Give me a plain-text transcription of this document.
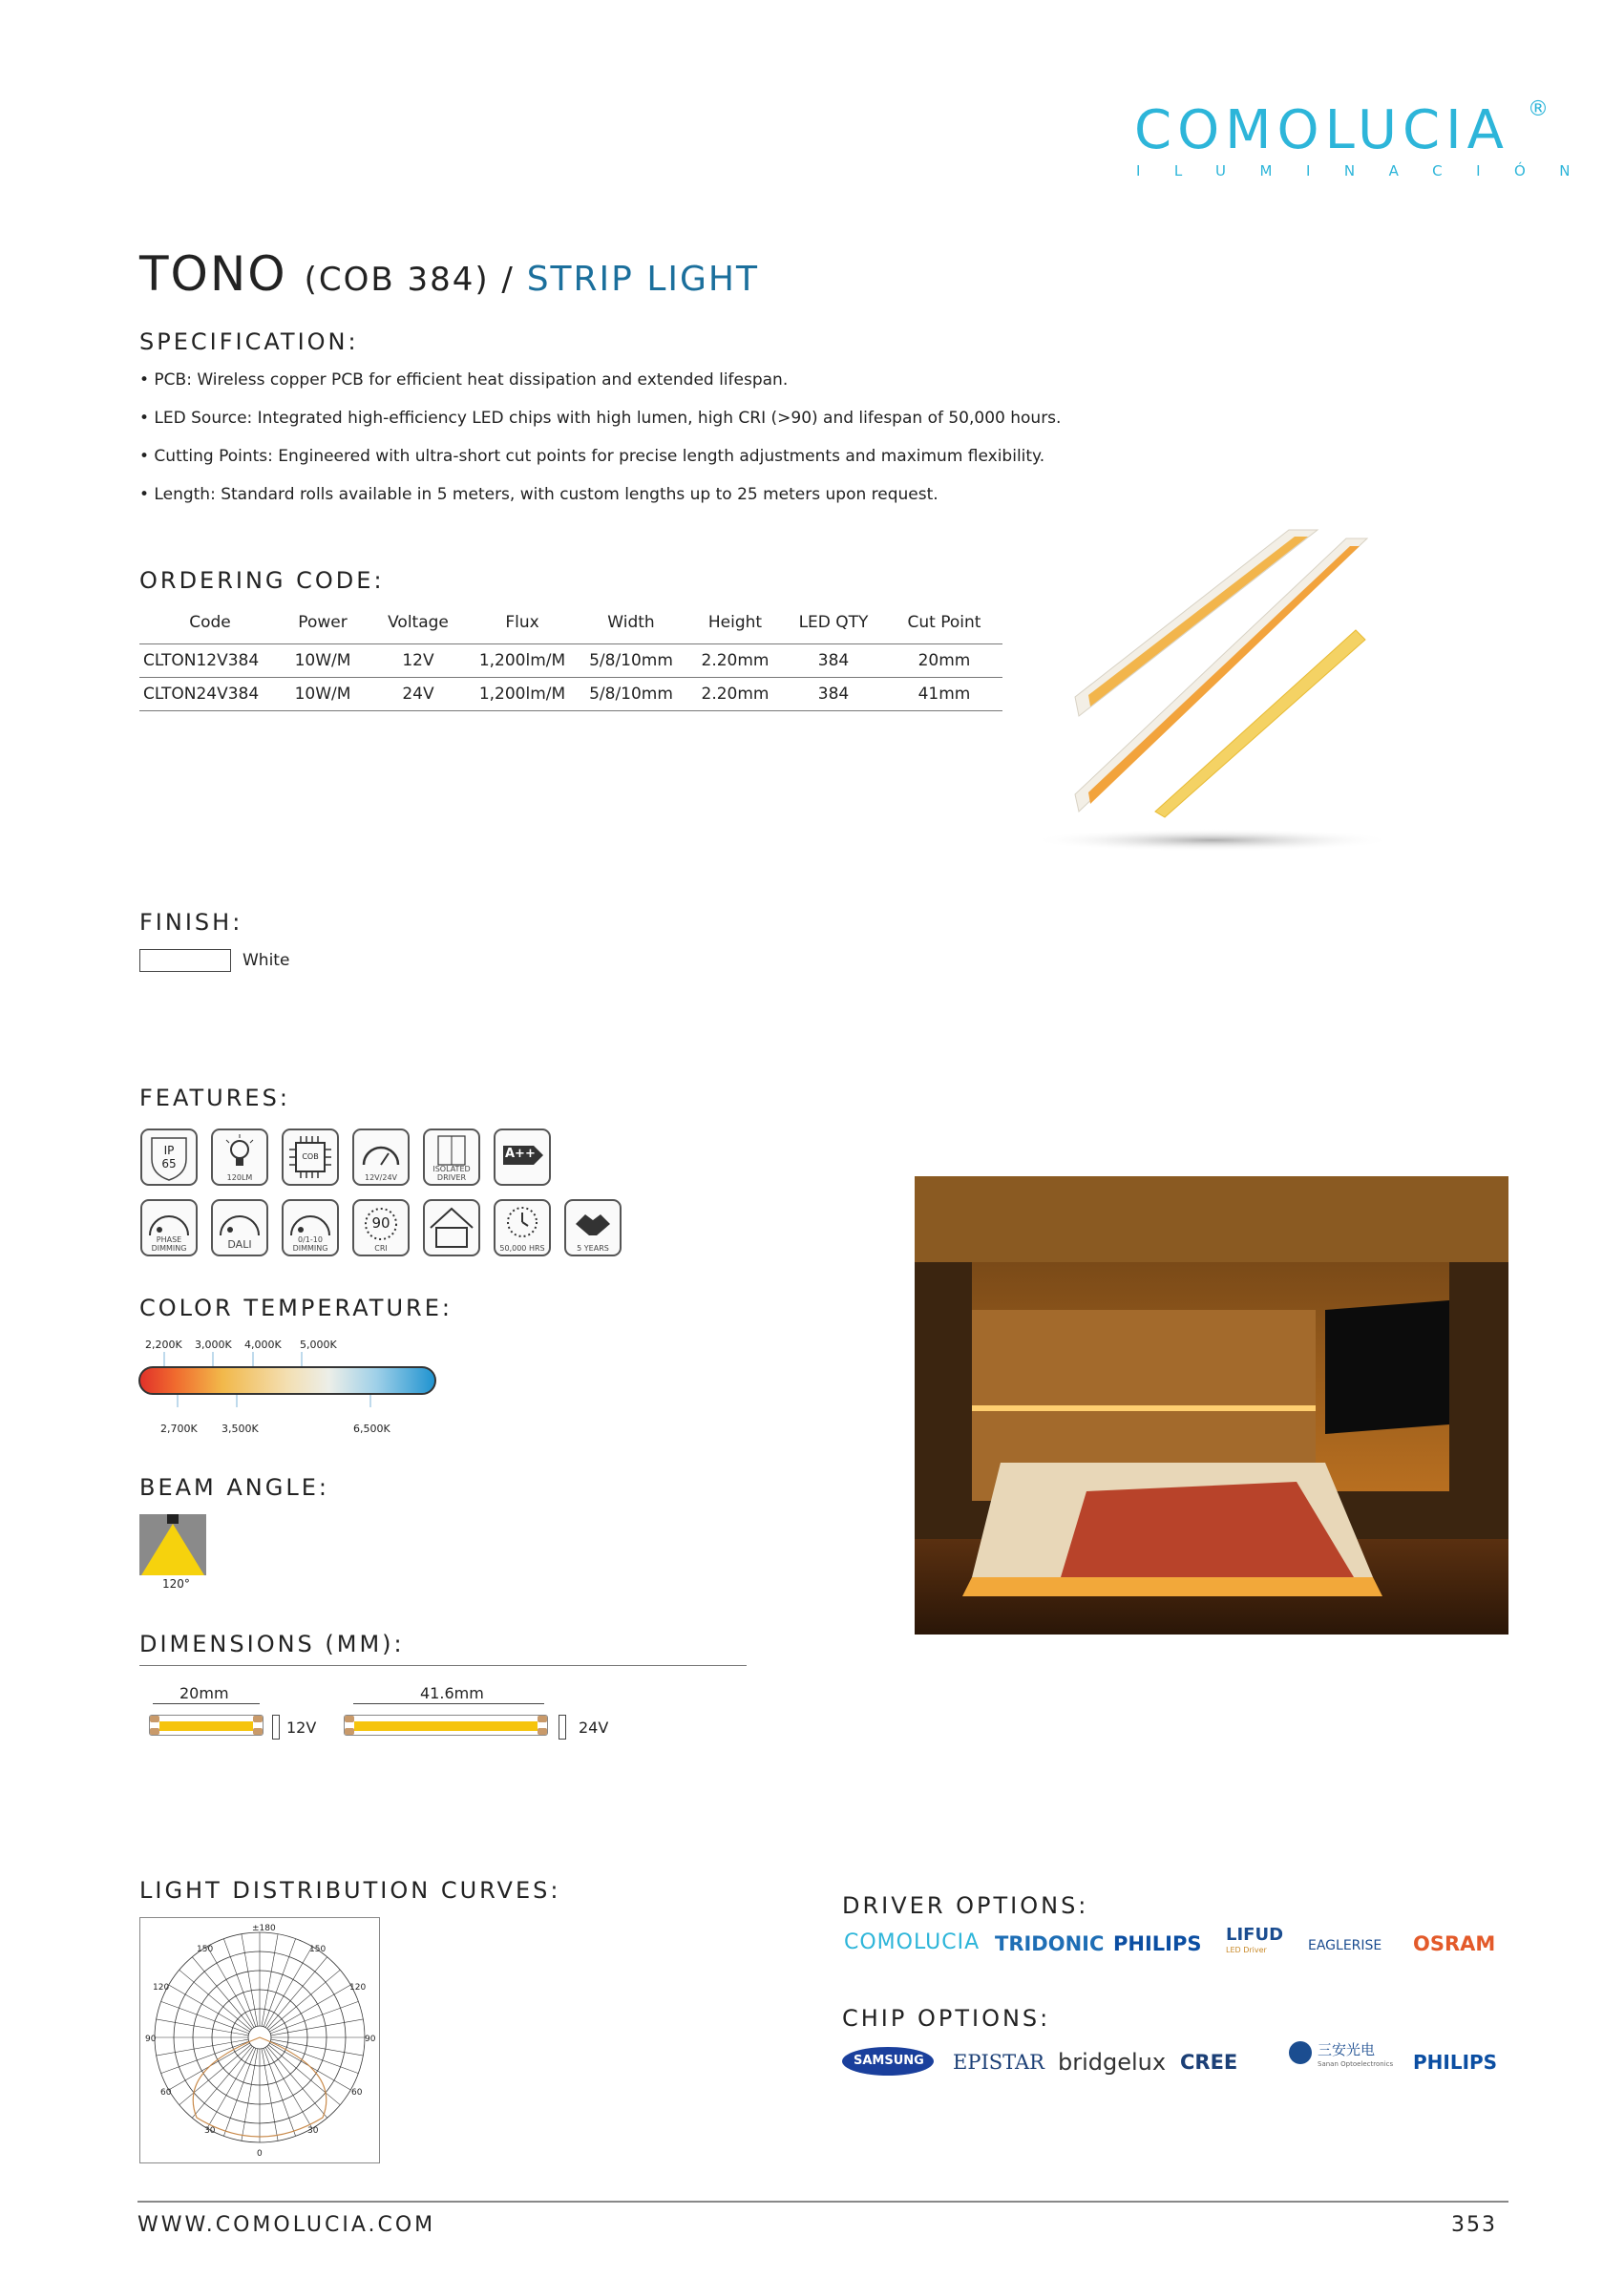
COMOLUCIA ®
ILUMINACIÓN
TONO (COB 384) / STRIP LIGHT
SPECIFICATION:
• PCB: Wireless copper PCB for efficient heat dissipation and extended lifespan.
• LED Source: Integrated high-efficiency LED chips with high lumen, high CRI (>90) and lifespan of 50,000 hours.
• Cutting Points: Engineered with ultra-short cut points for precise length adjustments and maximum flexibility.
• Length: Standard rolls available in 5 meters, with custom lengths up to 25 meters upon request.
ORDERING CODE:
Code	Power	Voltage	Flux	Width	Height	LED QTY	Cut Point
CLTON12V384	10W/M	12V	1,200lm/M	5/8/10mm	2.20mm	384	20mm
CLTON24V384	10W/M	24V	1,200lm/M	5/8/10mm	2.20mm	384	41mm
FINISH:
White
FEATURES:
IP
65
120LM
COB
12V/24V
ISOLATED DRIVER
A++
PHASE DIMMING	DALI	0/1-10 DIMMING
90
CRI	50,000 HRS	5 YEARS
COLOR TEMPERATURE:
2,200K 3,000K 4,000K 5,000K
2,700K 3,500K	6,500K
BEAM ANGLE:
120°
DIMENSIONS (MM):
20mm
12V
41.6mm
24V
LIGHT DISTRIBUTION CURVES:
±180
150	150
120	120
90	90
60	60
30	30
0
DRIVER OPTIONS:
COMOLUCIA TRIDONIC PHILIPS LIFUD
LED Driver	EAGLERISE OSRAM
CHIP OPTIONS:
SAMSUNG EPISTAR bridgelux CREE
三安光电
Sanan Optoelectronics PHILIPS
WWW.COMOLUCIA.COM	353
